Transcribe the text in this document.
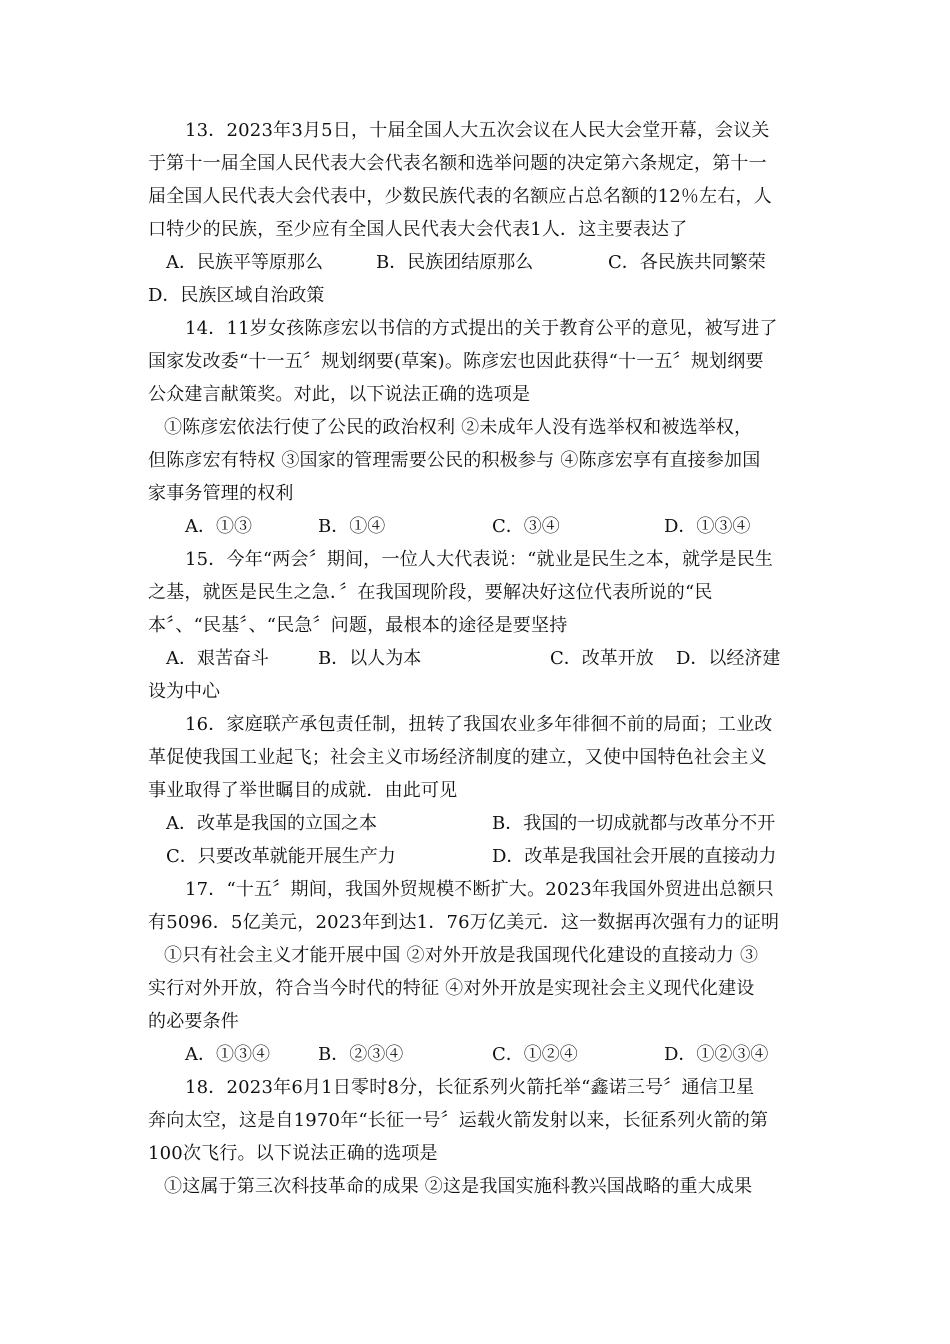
13．2023年3月5日，十届全国人大五次会议在人民大会堂开幕，会议关
于第十一届全国人民代表大会代表名额和选举问题的决定第六条规定，第十一
届全国人民代表大会代表中，少数民族代表的名额应占总名额的12％左右，人
口特少的民族，至少应有全国人民代表大会代表1人．这主要表达了
A．民族平等原那么	B．民族团结原那么	C．各民族共同繁荣
D．民族区域自治政策
14．11岁女孩陈彦宏以书信的方式提出的关于教育公平的意见，被写进了
国家发改委“十一五〞规划纲要(草案)。陈彦宏也因此获得“十一五〞规划纲要
公众建言献策奖。对此，以下说法正确的选项是
①陈彦宏依法行使了公民的政治权利 ②未成年人没有选举权和被选举权，
但陈彦宏有特权 ③国家的管理需要公民的积极参与 ④陈彦宏享有直接参加国
家事务管理的权利
A．①③	B．①④	C．③④	D．①③④
15．今年“两会〞期间，一位人大代表说：“就业是民生之本，就学是民生
之基，就医是民生之急．〞在我国现阶段，要解决好这位代表所说的“民
本〞、“民基〞、“民急〞问题，最根本的途径是要坚持
A．艰苦奋斗	B．以人为本	C．改革开放 D．以经济建
设为中心
16．家庭联产承包责任制，扭转了我国农业多年徘徊不前的局面；工业改
革促使我国工业起飞；社会主义市场经济制度的建立，又使中国特色社会主义
事业取得了举世瞩目的成就．由此可见
A．改革是我国的立国之本	B．我国的一切成就都与改革分不开
C．只要改革就能开展生产力	D．改革是我国社会开展的直接动力
17．“十五〞期间，我国外贸规模不断扩大。2023年我国外贸进出总额只
有5096．5亿美元，2023年到达1．76万亿美元．这一数据再次强有力的证明
①只有社会主义才能开展中国 ②对外开放是我国现代化建设的直接动力 ③
实行对外开放，符合当今时代的特征 ④对外开放是实现社会主义现代化建设
的必要条件
A．①③④	B．②③④	C．①②④	D．①②③④
18．2023年6月1日零时8分，长征系列火箭托举“鑫诺三号〞通信卫星
奔向太空，这是自1970年“长征一号〞运载火箭发射以来，长征系列火箭的第
100次飞行。以下说法正确的选项是
①这属于第三次科技革命的成果 ②这是我国实施科教兴国战略的重大成果
